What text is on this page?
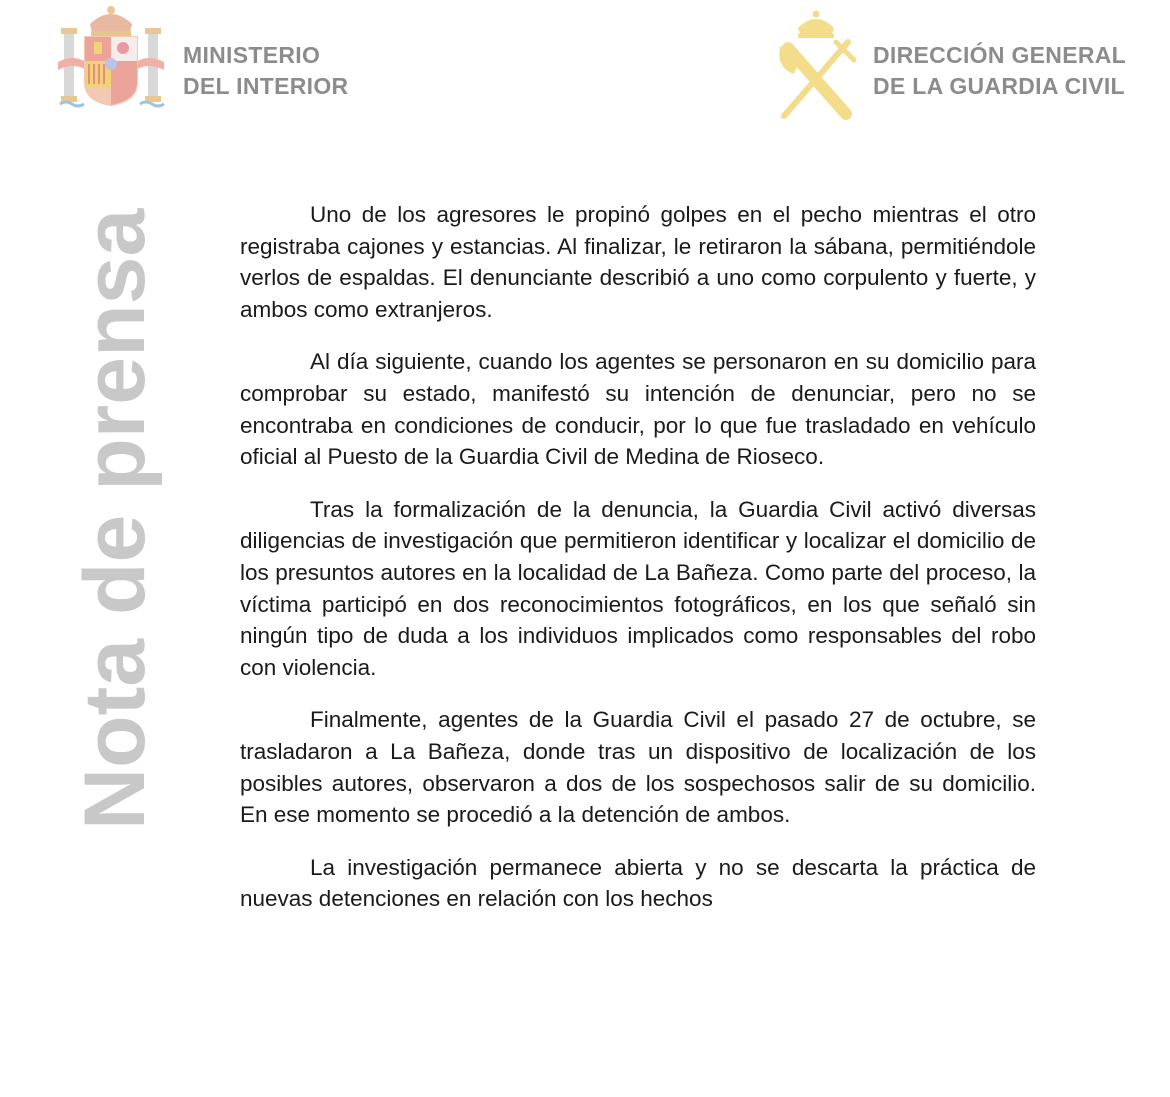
MINISTERIO
DEL INTERIOR
DIRECCIÓN GENERAL
DE LA GUARDIA CIVIL
Nota de prensa	Uno de los agresores le propinó golpes en el pecho mientras el otro registraba cajones y estancias. Al finalizar, le retiraron la sábana, permitiéndole verlos de espaldas. El denunciante describió a uno como corpulento y fuerte, y ambos como extranjeros.

Al día siguiente, cuando los agentes se personaron en su domicilio para comprobar su estado, manifestó su intención de denunciar, pero no se encontraba en condiciones de conducir, por lo que fue trasladado en vehículo oficial al Puesto de la Guardia Civil de Medina de Rioseco.

Tras la formalización de la denuncia, la Guardia Civil activó diversas diligencias de investigación que permitieron identificar y localizar el domicilio de los presuntos autores en la localidad de La Bañeza. Como parte del proceso, la víctima participó en dos reconocimientos fotográficos, en los que señaló sin ningún tipo de duda a los individuos implicados como responsables del robo con violencia.

Finalmente, agentes de la Guardia Civil el pasado 27 de octubre, se trasladaron a La Bañeza, donde tras un dispositivo de localización de los posibles autores, observaron a dos de los sospechosos salir de su domicilio. En ese momento se procedió a la detención de ambos.

La investigación permanece abierta y no se descarta la práctica de nuevas detenciones en relación con los hechos
